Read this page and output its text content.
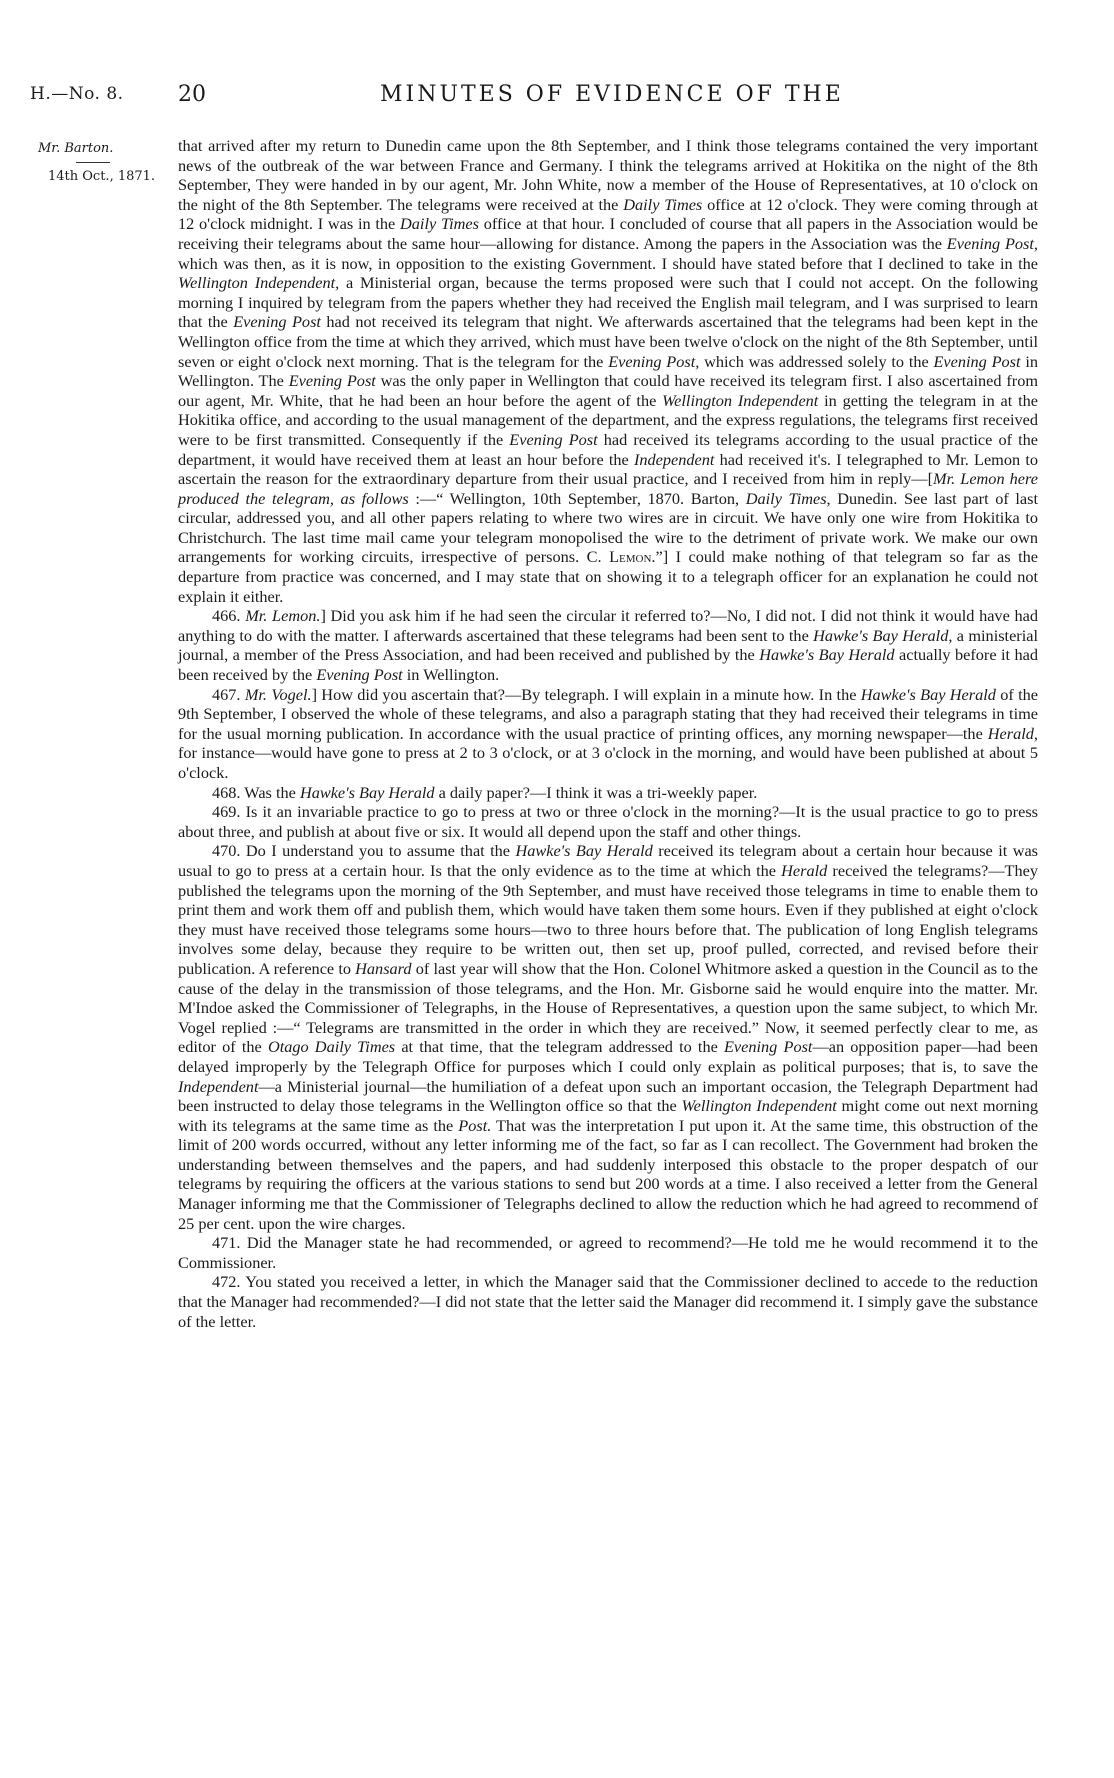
H.—No. 8. 20	MINUTES OF EVIDENCE OF THE
Mr. Barton.
14th Oct., 1871.

that arrived after my return to Dunedin came upon the 8th September, and I think those telegrams contained the very important news of the outbreak of the war between France and Germany. I think the telegrams arrived at Hokitika on the night of the 8th September, They were handed in by our agent, Mr. John White, now a member of the House of Representatives, at 10 o'clock on the night of the 8th September. The telegrams were received at the Daily Times office at 12 o'clock. They were coming through at 12 o'clock midnight. I was in the Daily Times office at that hour. I concluded of course that all papers in the Association would be receiving their telegrams about the same hour—allowing for distance. Among the papers in the Association was the Evening Post, which was then, as it is now, in opposition to the existing Government. I should have stated before that I declined to take in the Wellington Independent, a Ministerial organ, because the terms proposed were such that I could not accept. On the following morning I inquired by telegram from the papers whether they had received the English mail telegram, and I was surprised to learn that the Evening Post had not received its telegram that night. We afterwards ascertained that the telegrams had been kept in the Wellington office from the time at which they arrived, which must have been twelve o'clock on the night of the 8th September, until seven or eight o'clock next morning. That is the telegram for the Evening Post, which was addressed solely to the Evening Post in Wellington. The Evening Post was the only paper in Wellington that could have received its telegram first. I also ascertained from our agent, Mr. White, that he had been an hour before the agent of the Wellington Independent in getting the telegram in at the Hokitika office, and according to the usual management of the department, and the express regulations, the telegrams first received were to be first transmitted. Consequently if the Evening Post had received its telegrams according to the usual practice of the department, it would have received them at least an hour before the Independent had received it's. I telegraphed to Mr. Lemon to ascertain the reason for the extraordinary departure from their usual practice, and I received from him in reply—[Mr. Lemon here produced the telegram, as follows :—“ Wellington, 10th September, 1870. Barton, Daily Times, Dunedin. See last part of last circular, addressed you, and all other papers relating to where two wires are in circuit. We have only one wire from Hokitika to Christchurch. The last time mail came your telegram monopolised the wire to the detriment of private work. We make our own arrangements for working circuits, irrespective of persons. C. Lemon.”] I could make nothing of that telegram so far as the departure from practice was concerned, and I may state that on showing it to a telegraph officer for an explanation he could not explain it either.

466. Mr. Lemon.] Did you ask him if he had seen the circular it referred to?—No, I did not. I did not think it would have had anything to do with the matter. I afterwards ascertained that these telegrams had been sent to the Hawke's Bay Herald, a ministerial journal, a member of the Press Association, and had been received and published by the Hawke's Bay Herald actually before it had been received by the Evening Post in Wellington.

467. Mr. Vogel.] How did you ascertain that?—By telegraph. I will explain in a minute how. In the Hawke's Bay Herald of the 9th September, I observed the whole of these telegrams, and also a paragraph stating that they had received their telegrams in time for the usual morning publication. In accordance with the usual practice of printing offices, any morning newspaper—the Herald, for instance—would have gone to press at 2 to 3 o'clock, or at 3 o'clock in the morning, and would have been published at about 5 o'clock.

468. Was the Hawke's Bay Herald a daily paper?—I think it was a tri-weekly paper.

469. Is it an invariable practice to go to press at two or three o'clock in the morning?—It is the usual practice to go to press about three, and publish at about five or six. It would all depend upon the staff and other things.

470. Do I understand you to assume that the Hawke's Bay Herald received its telegram about a certain hour because it was usual to go to press at a certain hour. Is that the only evidence as to the time at which the Herald received the telegrams?—They published the telegrams upon the morning of the 9th September, and must have received those telegrams in time to enable them to print them and work them off and publish them, which would have taken them some hours. Even if they published at eight o'clock they must have received those telegrams some hours—two to three hours before that. The publication of long English telegrams involves some delay, because they require to be written out, then set up, proof pulled, corrected, and revised before their publication. A reference to Hansard of last year will show that the Hon. Colonel Whitmore asked a question in the Council as to the cause of the delay in the transmission of those telegrams, and the Hon. Mr. Gisborne said he would enquire into the matter. Mr. M'Indoe asked the Commissioner of Telegraphs, in the House of Representatives, a question upon the same subject, to which Mr. Vogel replied :—“ Telegrams are transmitted in the order in which they are received.” Now, it seemed perfectly clear to me, as editor of the Otago Daily Times at that time, that the telegram addressed to the Evening Post—an opposition paper—had been delayed improperly by the Telegraph Office for purposes which I could only explain as political purposes; that is, to save the Independent—a Ministerial journal—the humiliation of a defeat upon such an important occasion, the Telegraph Department had been instructed to delay those telegrams in the Wellington office so that the Wellington Independent might come out next morning with its telegrams at the same time as the Post. That was the interpretation I put upon it. At the same time, this obstruction of the limit of 200 words occurred, without any letter informing me of the fact, so far as I can recollect. The Government had broken the understanding between themselves and the papers, and had suddenly interposed this obstacle to the proper despatch of our telegrams by requiring the officers at the various stations to send but 200 words at a time. I also received a letter from the General Manager informing me that the Commissioner of Telegraphs declined to allow the reduction which he had agreed to recommend of 25 per cent. upon the wire charges.

471. Did the Manager state he had recommended, or agreed to recommend?—He told me he would recommend it to the Commissioner.

472. You stated you received a letter, in which the Manager said that the Commissioner declined to accede to the reduction that the Manager had recommended?—I did not state that the letter said the Manager did recommend it. I simply gave the substance of the letter.
